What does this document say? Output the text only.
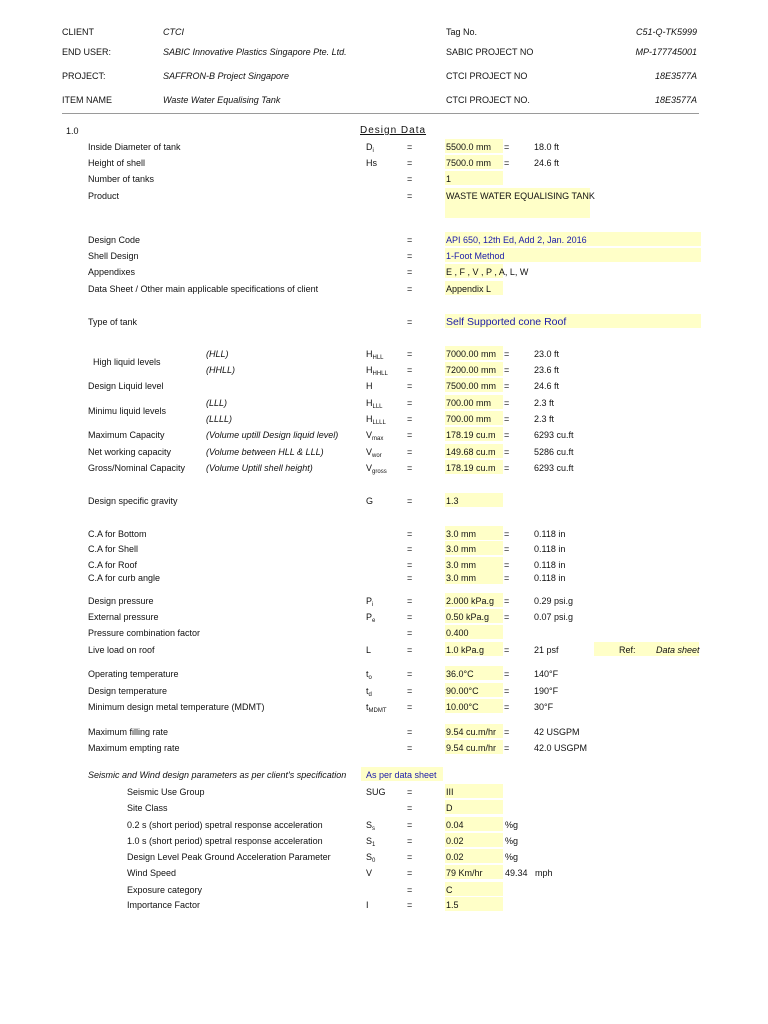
CLIENT	CTCI	Tag No.	C51-Q-TK5999
END USER:	SABIC Innovative Plastics Singapore Pte. Ltd.	SABIC PROJECT NO	MP-177745001
PROJECT:	SAFFRON-B Project Singapore	CTCI PROJECT NO	18E3577A
ITEM NAME	Waste Water Equalising Tank	CTCI PROJECT NO.	18E3577A
1.0	Design Data
Inside Diameter of tank	$D_i$	=	5500.0 mm =	18.0 ft
Height of shell	Hs	=	7500.0 mm =	24.6 ft
Number of tanks	=	1
Product	=	WASTE WATER EQUALISING TANK
Design Code	=	API 650, 12th Ed, Add 2, Jan. 2016
Shell Design	=	1-Foot Method
Appendixes	=	E , F , V , P , A, L, W
Data Sheet / Other main applicable specifications of client	=	Appendix L
Type of tank	=	Self Supported cone Roof
High liquid levels
(HLL)	$H_{HLL}$	=	7000.00 mm =	23.0 ft
(HHLL)	$H_{HHLL}$ =	7200.00 mm =	23.6 ft
Design Liquid level	H	=	7500.00 mm =	24.6 ft
Minimu liquid levels
(LLL)	$H_{LLL}$	=	700.00 mm =	2.3 ft
(LLLL)	$H_{LLLL}$ =	700.00 mm =	2.3 ft
Maximum Capacity	(Volume uptill Design liquid level)	$V_{max}$	=	178.19 cu.m =	6293 cu.ft
Net working capacity	(Volume between HLL & LLL)	$V_{wor}$	=	149.68 cu.m =	5286 cu.ft
Gross/Nominal Capacity (Volume Uptill shell height)	$V_{gross}$ =	178.19 cu.m =	6293 cu.ft
Design specific gravity	G	=	1.3
C.A for Bottom	=	3.0 mm	=	0.118 in
C.A for Shell	=	3.0 mm	=	0.118 in
C.A for Roof	=	3.0 mm	=	0.118 in
C.A for curb angle	=	3.0 mm	=	0.118 in
Design pressure	$P_i$	=	2.000 kPa.g =	0.29 psi.g
External pressure	$P_e$	=	0.50 kPa.g =	0.07 psi.g
Pressure combination factor	=	0.400
Live load on roof	L	=	1.0 kPa.g =	21 psf	Ref: Data sheet
Operating temperature	$t_o$	=	36.0°C	=	140°F
Design temperature	$t_d$	=	90.00°C	=	190°F
Minimum design metal temperature (MDMT)	$t_{MDMT}$ =	10.00°C	=	30°F
Maximum filling rate	=	9.54 cu.m/hr =	42 USGPM
Maximum empting rate	=	9.54 cu.m/hr =	42.0 USGPM
Seismic and Wind design parameters as per client's specification As per data sheet
Seismic Use Group	SUG =	III
Site Class	=	D
0.2 s (short period) spetral response acceleration	$S_s$	=	0.04	%g
1.0 s (short period) spetral response acceleration	$S_1$	=	0.02	%g
Design Level Peak Ground Acceleration Parameter	$S_0$	=	0.02	%g
Wind Speed	V	=	79 Km/hr 49.34 mph
Exposure category	=	C
Importance Factor	I	=	1.5
